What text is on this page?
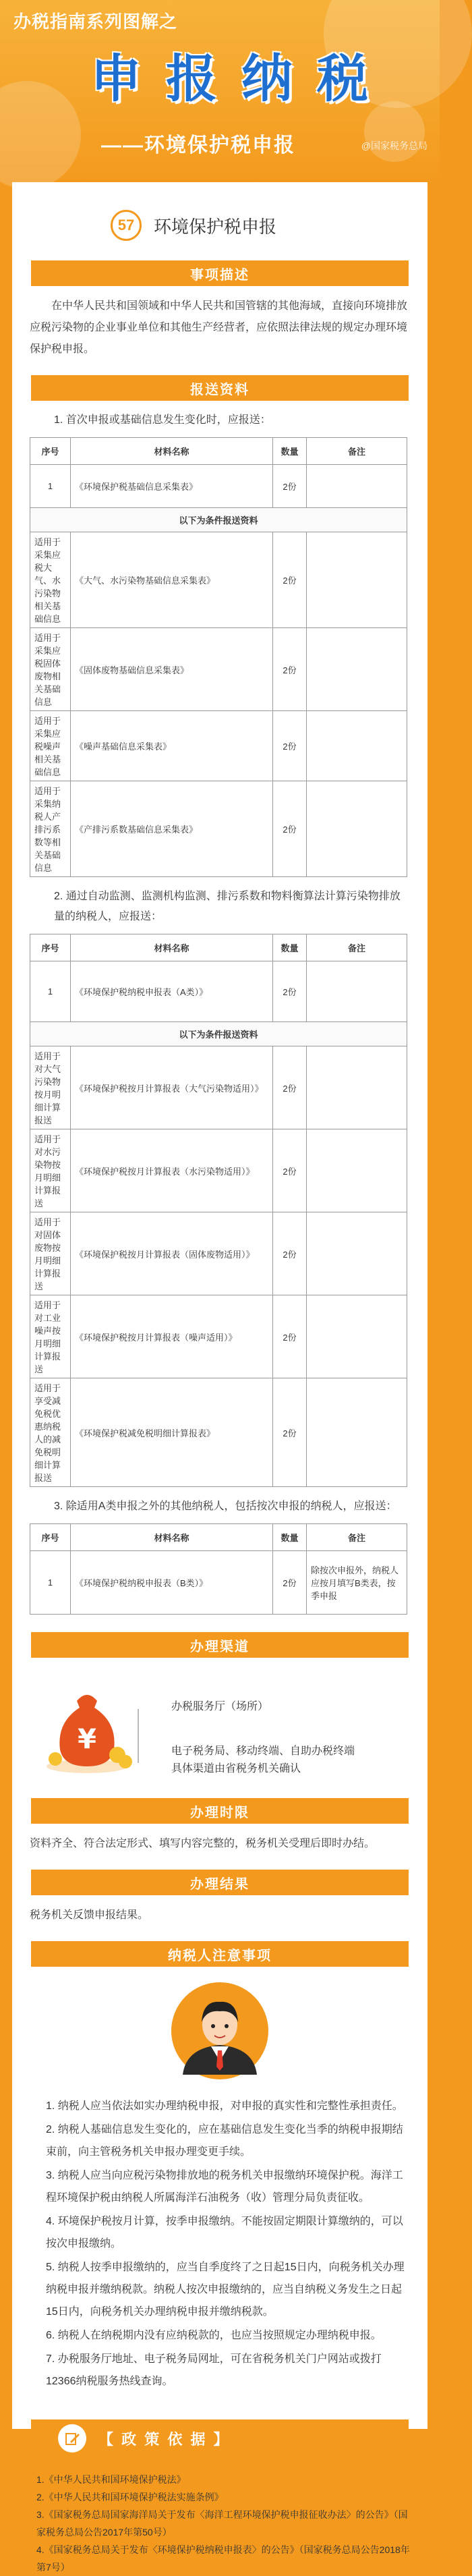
办税指南系列图解之
申 报 纳 税
——环境保护税申报	@国家税务总局
57	环境保护税申报
事项描述

在中华人民共和国领域和中华人民共和国管辖的其他海域，直接向环境排放应税污染物的企业事业单位和其他生产经营者，应依照法律法规的规定办理环境保护税申报。

报送资料

1. 首次申报或基础信息发生变化时，应报送：

序号	材料名称	数量	备注
1	《环境保护税基础信息采集表》	2份	
以下为条件报送资料			
适用于采集应税大气、水污染物相关基础信息	《大气、水污染物基础信息采集表》	2份	
适用于采集应税固体废物相关基础信息	《固体废物基础信息采集表》	2份	
适用于采集应税噪声相关基础信息	《噪声基础信息采集表》	2份	
适用于采集纳税人产排污系数等相关基础信息	《产排污系数基础信息采集表》	2份	

2. 通过自动监测、监测机构监测、排污系数和物料衡算法计算污染物排放量的纳税人，应报送：

序号	材料名称	数量	备注
1	《环境保护税纳税申报表（A类）》	2份	
以下为条件报送资料			
适用于对大气污染物按月明细计算报送	《环境保护税按月计算报表（大气污染物适用）》	2份	
适用于对水污染物按月明细计算报送	《环境保护税按月计算报表（水污染物适用）》	2份	
适用于对固体废物按月明细计算报送	《环境保护税按月计算报表（固体废物适用）》	2份	
适用于对工业噪声按月明细计算报送	《环境保护税按月计算报表（噪声适用）》	2份	
适用于享受减免税优惠纳税人的减免税明细计算报送	《环境保护税减免税明细计算报表》	2份	

3. 除适用A类申报之外的其他纳税人，包括按次申报的纳税人，应报送：

序号	材料名称	数量	备注
1	《环境保护税纳税申报表（B类）》	2份	除按次申报外，纳税人应按月填写B类表，按季申报
办理渠道
¥
办税服务厅（场所）
电子税务局、移动终端、自助办税终端
具体渠道由省税务机关确认
办理时限

资料齐全、符合法定形式、填写内容完整的，税务机关受理后即时办结。

办理结果

税务机关反馈申报结果。

纳税人注意事项

1. 纳税人应当依法如实办理纳税申报，对申报的真实性和完整性承担责任。

2. 纳税人基础信息发生变化的，应在基础信息发生变化当季的纳税申报期结束前，向主管税务机关申报办理变更手续。

3. 纳税人应当向应税污染物排放地的税务机关申报缴纳环境保护税。海洋工程环境保护税由纳税人所属海洋石油税务（收）管理分局负责征收。

4. 环境保护税按月计算，按季申报缴纳。不能按固定期限计算缴纳的，可以按次申报缴纳。

5. 纳税人按季申报缴纳的，应当自季度终了之日起15日内，向税务机关办理纳税申报并缴纳税款。纳税人按次申报缴纳的，应当自纳税义务发生之日起15日内，向税务机关办理纳税申报并缴纳税款。

6. 纳税人在纳税期内没有应纳税款的，也应当按照规定办理纳税申报。

7. 办税服务厅地址、电子税务局网址，可在省税务机关门户网站或拨打12366纳税服务热线查询。

【 政 策 依 据 】

1.《中华人民共和国环境保护税法》

2.《中华人民共和国环境保护税法实施条例》

3.《国家税务总局国家海洋局关于发布〈海洋工程环境保护税申报征收办法〉的公告》（国家税务总局公告2017年第50号）

4.《国家税务总局关于发布〈环境保护税纳税申报表〉的公告》（国家税务总局公告2018年第7号）
